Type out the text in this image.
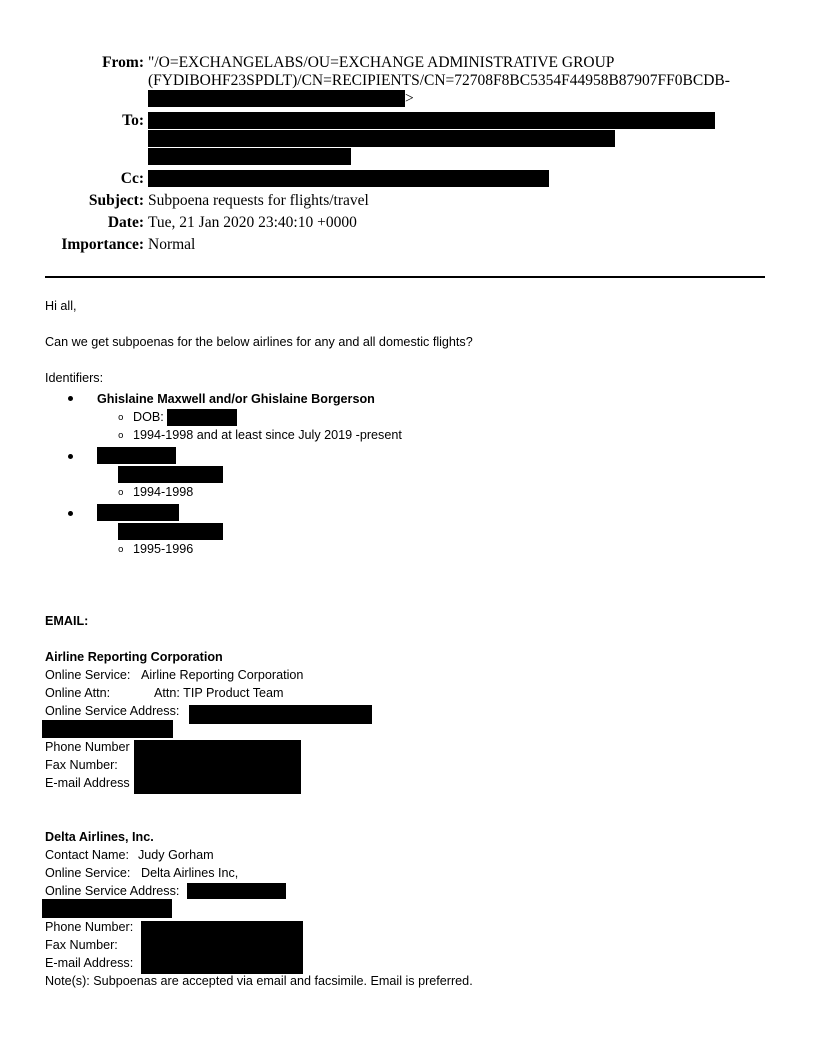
From: "/O=EXCHANGELABS/OU=EXCHANGE ADMINISTRATIVE GROUP
(FYDIBOHF23SPDLT)/CN=RECIPIENTS/CN=72708F8BC5354F44958B87907FF0BCDB-
>
To:
Cc:
Subject: Subpoena requests for flights/travel
Date: Tue, 21 Jan 2020 23:40:10 +0000
Importance: Normal
Hi all,
Can we get subpoenas for the below airlines for any and all domestic flights?
Identifiers:
Ghislaine Maxwell and/or Ghislaine Borgerson
o DOB:
o 1994-1998 and at least since July 2019 -present
o 1994-1998
o 1995-1996
EMAIL:
Airline Reporting Corporation
Online Service: Airline Reporting Corporation
Online Attn:	Attn: TIP Product Team
Online Service Address:
Phone Number
Fax Number:
E-mail Address
Delta Airlines, Inc.
Contact Name: Judy Gorham
Online Service: Delta Airlines Inc,
Online Service Address:
Phone Number:
Fax Number:
E-mail Address:
Note(s): Subpoenas are accepted via email and facsimile. Email is preferred.
